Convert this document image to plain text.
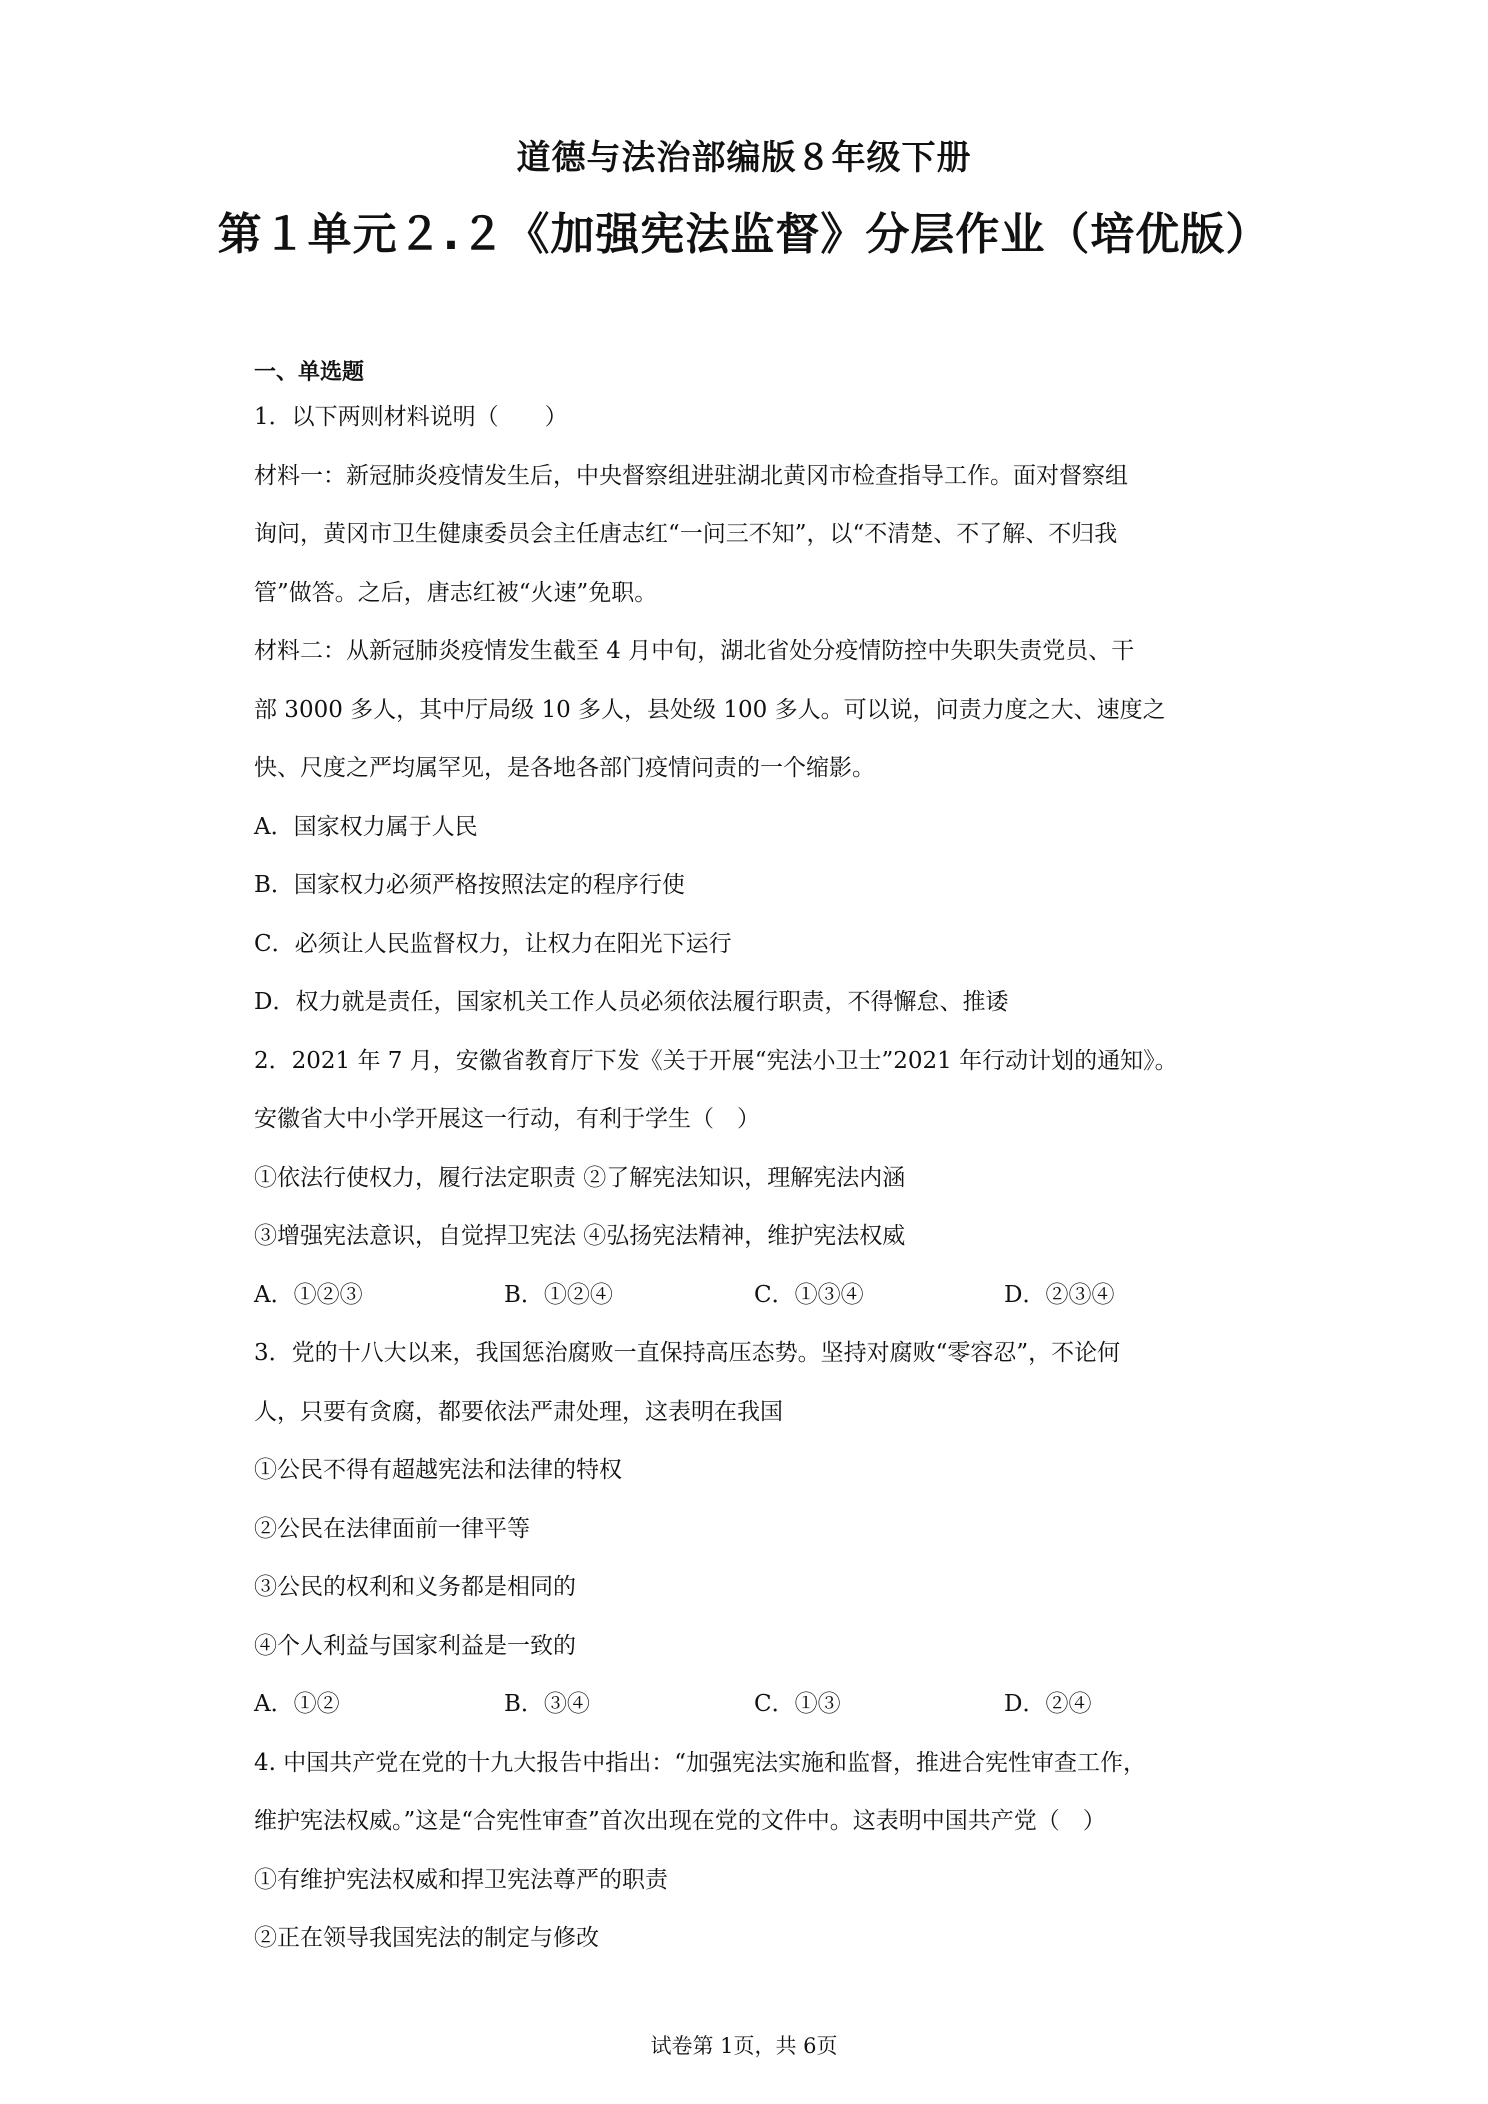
道德与法治部编版８年级下册
第１单元２.２《加强宪法监督》分层作业（培优版）
一、单选题
1．以下两则材料说明（　　）
材料一：新冠肺炎疫情发生后，中央督察组进驻湖北黄冈市检查指导工作。面对督察组
询问，黄冈市卫生健康委员会主任唐志红“一问三不知”，以“不清楚、不了解、不归我
管”做答。之后，唐志红被“火速”免职。
材料二：从新冠肺炎疫情发生截至 4 月中旬，湖北省处分疫情防控中失职失责党员、干
部 3000 多人，其中厅局级 10 多人，县处级 100 多人。可以说，问责力度之大、速度之
快、尺度之严均属罕见，是各地各部门疫情问责的一个缩影。
A．国家权力属于人民
B．国家权力必须严格按照法定的程序行使
C．必须让人民监督权力，让权力在阳光下运行
D．权力就是责任，国家机关工作人员必须依法履行职责，不得懈怠、推诿
2．2021 年 7 月，安徽省教育厅下发《关于开展“宪法小卫士”2021 年行动计划的通知》。
安徽省大中小学开展这一行动，有利于学生（　）
①依法行使权力，履行法定职责 ②了解宪法知识，理解宪法内涵
③增强宪法意识，自觉捍卫宪法 ④弘扬宪法精神，维护宪法权威
A．①②③	B．①②④	C．①③④	D．②③④
3．党的十八大以来，我国惩治腐败一直保持高压态势。坚持对腐败“零容忍”，不论何
人，只要有贪腐，都要依法严肃处理，这表明在我国
①公民不得有超越宪法和法律的特权
②公民在法律面前一律平等
③公民的权利和义务都是相同的
④个人利益与国家利益是一致的
A．①②	B．③④	C．①③	D．②④
4. 中国共产党在党的十九大报告中指出：“加强宪法实施和监督，推进合宪性审查工作，
维护宪法权威。”这是“合宪性审查”首次出现在党的文件中。这表明中国共产党（　）
①有维护宪法权威和捍卫宪法尊严的职责
②正在领导我国宪法的制定与修改
试卷第 1页，共 6页
